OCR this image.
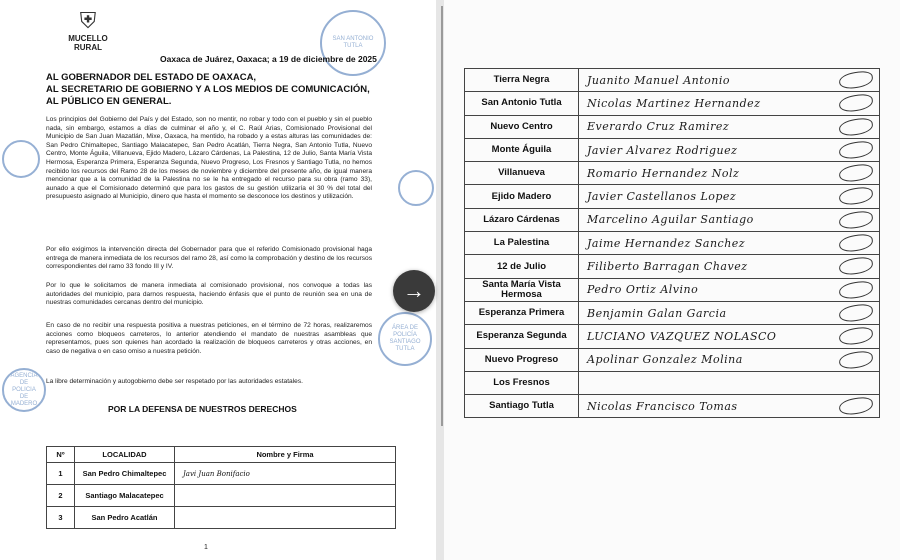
⛨
MUCELLO RURAL
SAN ANTONIO TUTLA
ÁREA DE POLICÍA SANTIAGO TUTLA
AGENCIA DE POLICIA DE MADERO
Oaxaca de Juárez, Oaxaca; a 19 de diciembre de 2025
AL GOBERNADOR DEL ESTADO DE OAXACA,
AL SECRETARIO DE GOBIERNO Y A LOS MEDIOS DE COMUNICACIÓN,
AL PÚBLICO EN GENERAL.
Los principios del Gobierno del País y del Estado, son no mentir, no robar y todo con el pueblo y sin el pueblo nada, sin embargo, estamos a días de culminar el año y, el C. Raúl Arias, Comisionado Provisional del Municipio de San Juan Mazatlán, Mixe, Oaxaca, ha mentido, ha robado y a estas alturas las comunidades de: San Pedro Chimaltepec, Santiago Malacatepec, San Pedro Acatlán, Tierra Negra, San Antonio Tutla, Nuevo Centro, Monte Águila, Villanueva, Ejido Madero, Lázaro Cárdenas, La Palestina, 12 de Julio, Santa María Vista Hermosa, Esperanza Primera, Esperanza Segunda, Nuevo Progreso, Los Fresnos y Santiago Tutla, no hemos recibido los recursos del Ramo 28 de los meses de noviembre y diciembre del presente año, de igual manera mencionar que a la comunidad de la Palestina no se le ha entregado el recurso para su obra (ramo 33), aunado a que el Comisionado determinó que para los gastos de su gestión utilizaría el 30 % del total del presupuesto asignado al Municipio, dinero que hasta el momento se desconoce los destinos y utilización.
Por ello exigimos la intervención directa del Gobernador para que el referido Comisionado provisional haga entrega de manera inmediata de los recursos del ramo 28, así como la comprobación y destino de los recursos correspondientes del ramo 33 fondo III y IV.
Por lo que le solicitamos de manera inmediata al comisionado provisional, nos convoque a todas las autoridades del municipio, para darnos respuesta, haciendo énfasis que el punto de reunión sea en una de nuestras comunidades cercanas dentro del municipio.
En caso de no recibir una respuesta positiva a nuestras peticiones, en el término de 72 horas, realizaremos acciones como bloqueos carreteros, lo anterior atendiendo el mandato de nuestras asambleas que representamos, pues son quienes han acordado la realización de bloqueos carreteros y otras acciones, en caso de negativa o en caso omiso a nuestra petición.
La libre determinación y autogobierno debe ser respetado por las autoridades estatales.
POR LA DEFENSA DE NUESTROS DERECHOS
Nº	LOCALIDAD	Nombre y Firma
1	San Pedro Chimaltepec	Javi Juan Bonifacio
2	Santiago Malacatepec	
3	San Pedro Acatlán	
1
Tierra Negra	Juanito Manuel Antonio

San Antonio Tutla	Nicolas Martinez Hernandez

Nuevo Centro	Everardo Cruz Ramirez

Monte Águila	Javier Alvarez Rodriguez

Villanueva	Romario Hernandez Nolz

Ejido Madero	Javier Castellanos Lopez

Lázaro Cárdenas	Marcelino Aguilar Santiago

La Palestina	Jaime Hernandez Sanchez

12 de Julio	Filiberto Barragan Chavez

Santa María Vista Hermosa	Pedro Ortiz Alvino

Esperanza Primera	Benjamin Galan Garcia

Esperanza Segunda	LUCIANO VAZQUEZ NOLASCO

Nuevo Progreso	Apolinar Gonzalez Molina

Los Fresnos	
Santiago Tutla	Nicolas Francisco Tomas
→
